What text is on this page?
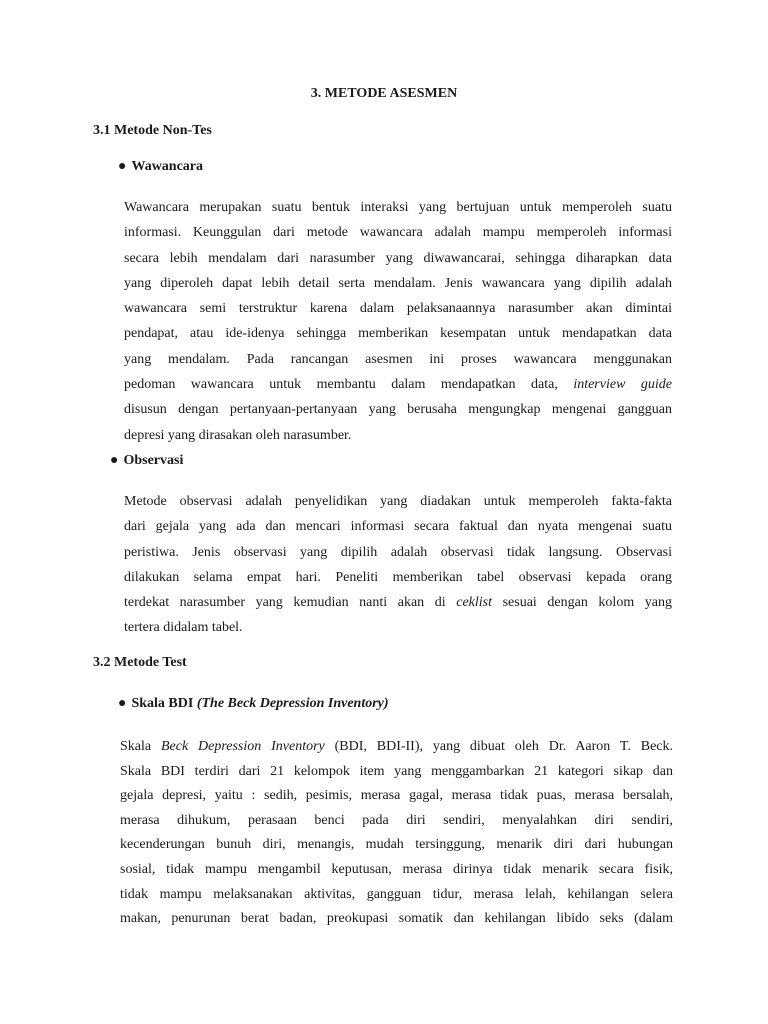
3. METODE ASESMEN
3.1 Metode Non-Tes
● Wawancara
Wawancara merupakan suatu bentuk interaksi yang bertujuan untuk memperoleh suatu
informasi. Keunggulan dari metode wawancara adalah mampu memperoleh informasi
secara lebih mendalam dari narasumber yang diwawancarai, sehingga diharapkan data
yang diperoleh dapat lebih detail serta mendalam. Jenis wawancara yang dipilih adalah
wawancara semi terstruktur karena dalam pelaksanaannya narasumber akan dimintai
pendapat, atau ide-idenya sehingga memberikan kesempatan untuk mendapatkan data
yang mendalam. Pada rancangan asesmen ini proses wawancara menggunakan
pedoman wawancara untuk membantu dalam mendapatkan data, interview guide
disusun dengan pertanyaan-pertanyaan yang berusaha mengungkap mengenai gangguan
depresi yang dirasakan oleh narasumber.
● Observasi
Metode observasi adalah penyelidikan yang diadakan untuk memperoleh fakta-fakta
dari gejala yang ada dan mencari informasi secara faktual dan nyata mengenai suatu
peristiwa. Jenis observasi yang dipilih adalah observasi tidak langsung. Observasi
dilakukan selama empat hari. Peneliti memberikan tabel observasi kepada orang
terdekat narasumber yang kemudian nanti akan di ceklist sesuai dengan kolom yang
tertera didalam tabel.
3.2 Metode Test
● Skala BDI (The Beck Depression Inventory)
Skala Beck Depression Inventory (BDI, BDI-II), yang dibuat oleh Dr. Aaron T. Beck.
Skala BDI terdiri dari 21 kelompok item yang menggambarkan 21 kategori sikap dan
gejala depresi, yaitu : sedih, pesimis, merasa gagal, merasa tidak puas, merasa bersalah,
merasa dihukum, perasaan benci pada diri sendiri, menyalahkan diri sendiri,
kecenderungan bunuh diri, menangis, mudah tersinggung, menarik diri dari hubungan
sosial, tidak mampu mengambil keputusan, merasa dirinya tidak menarik secara fisik,
tidak mampu melaksanakan aktivitas, gangguan tidur, merasa lelah, kehilangan selera
makan, penurunan berat badan, preokupasi somatik dan kehilangan libido seks (dalam
